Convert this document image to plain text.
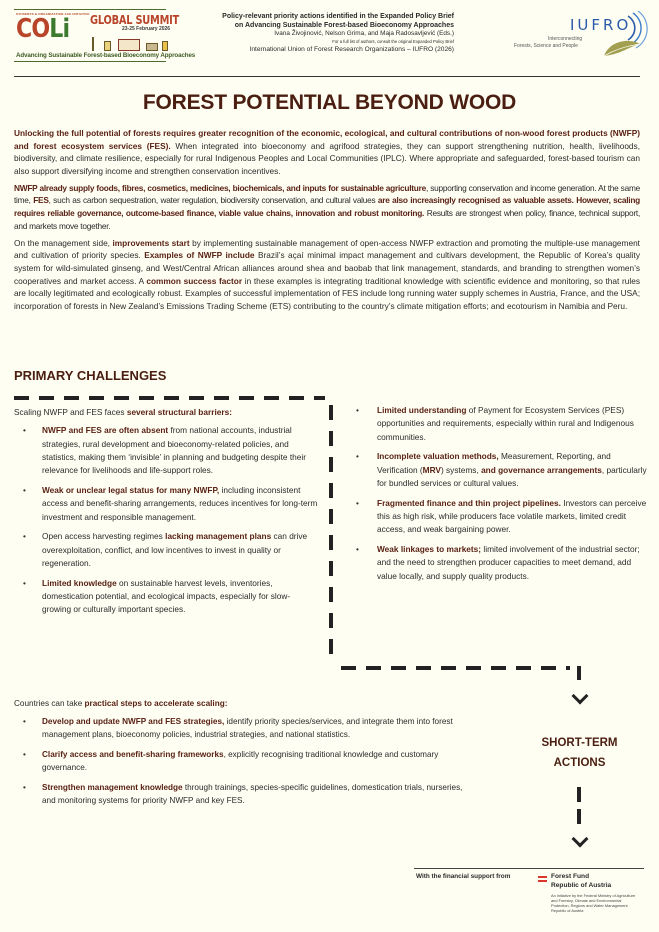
STUDENTS & ORGANIZATION ACE INITIATIVE
COLi GLOBAL SUMMIT
23-25 February 2026
Advancing Sustainable Forest-based Bioeconomy Approaches
Policy-relevant priority actions identified in the Expanded Policy Brief
on Advancing Sustainable Forest-based Bioeconomy Approaches
Ivana Živojinović, Nelson Grima, and Maja Radosavljević (Eds.)
For a full list of authors, consult the original Expanded Policy Brief
International Union of Forest Research Organizations – IUFRO (2026)
IUFRO
Interconnecting
Forests, Science and People
FOREST POTENTIAL BEYOND WOOD

Unlocking the full potential of forests requires greater recognition of the economic, ecological, and cultural contributions of non-wood forest products (NWFP) and forest ecosystem services (FES). When integrated into bioeconomy and agrifood strategies, they can support strengthening nutrition, health, livelihoods, biodiversity, and climate resilience, especially for rural Indigenous Peoples and Local Communities (IPLC). Where appropriate and safeguarded, forest-based tourism can also support diversifying income and strengthen conservation incentives.

NWFP already supply foods, fibres, cosmetics, medicines, biochemicals, and inputs for sustainable agriculture, supporting conservation and income generation. At the same time, FES, such as carbon sequestration, water regulation, biodiversity conservation, and cultural values are also increasingly recognised as valuable assets. However, scaling requires reliable governance, outcome-based finance, viable value chains, innovation and robust monitoring. Results are strongest when policy, finance, technical support, and markets move together.

On the management side, improvements start by implementing sustainable management of open-access NWFP extraction and promoting the multiple-use management and cultivation of priority species. Examples of NWFP include Brazil’s açaí minimal impact management and cultivars development, the Republic of Korea’s quality system for wild-simulated ginseng, and West/Central African alliances around shea and baobab that link management, standards, and branding to strengthen women’s cooperatives and market access. A common success factor in these examples is integrating traditional knowledge with scientific evidence and monitoring, so that rules are locally legitimated and ecologically robust. Examples of successful implementation of FES include long running water supply schemes in Austria, France, and the USA; incorporation of forests in New Zealand’s Emissions Trading Scheme (ETS) contributing to the country’s climate mitigation efforts; and ecotourism in Namibia and Peru.

PRIMARY CHALLENGES
Scaling NWFP and FES faces several structural barriers:
• NWFP and FES are often absent from national accounts, industrial strategies, rural development and bioeconomy-related policies, and statistics, making them ‘invisible’ in planning and budgeting despite their relevance for livelihoods and life-support roles.
• Weak or unclear legal status for many NWFP, including inconsistent access and benefit-sharing arrangements, reduces incentives for long-term investment and responsible management.
• Open access harvesting regimes lacking management plans can drive overexploitation, conflict, and low incentives to invest in quality or regeneration.
• Limited knowledge on sustainable harvest levels, inventories, domestication potential, and ecological impacts, especially for slow-growing or culturally important species.
• Limited understanding of Payment for Ecosystem Services (PES) opportunities and requirements, especially within rural and Indigenous communities.
• Incomplete valuation methods, Measurement, Reporting, and Verification (MRV) systems, and governance arrangements, particularly for bundled services or cultural values.
• Fragmented finance and thin project pipelines. Investors can perceive this as high risk, while producers face volatile markets, limited credit access, and weak bargaining power.
• Weak linkages to markets; limited involvement of the industrial sector; and the need to strengthen producer capacities to meet demand, add value locally, and supply quality products.
Countries can take practical steps to accelerate scaling:
• Develop and update NWFP and FES strategies, identify priority species/services, and integrate them into forest management plans, bioeconomy policies, industrial strategies, and national statistics.
• Clarify access and benefit-sharing frameworks, explicitly recognising traditional knowledge and customary governance.
• Strengthen management knowledge through trainings, species-specific guidelines, domestication trials, nurseries, and monitoring systems for priority NWFP and key FES.
SHORT-TERM
ACTIONS
With the financial support from	Forest Fund
Republic of Austria
An initiative by the Federal Ministry of Agriculture and Forestry, Climate and Environmental Protection, Regions and Water Management Republic of Austria
